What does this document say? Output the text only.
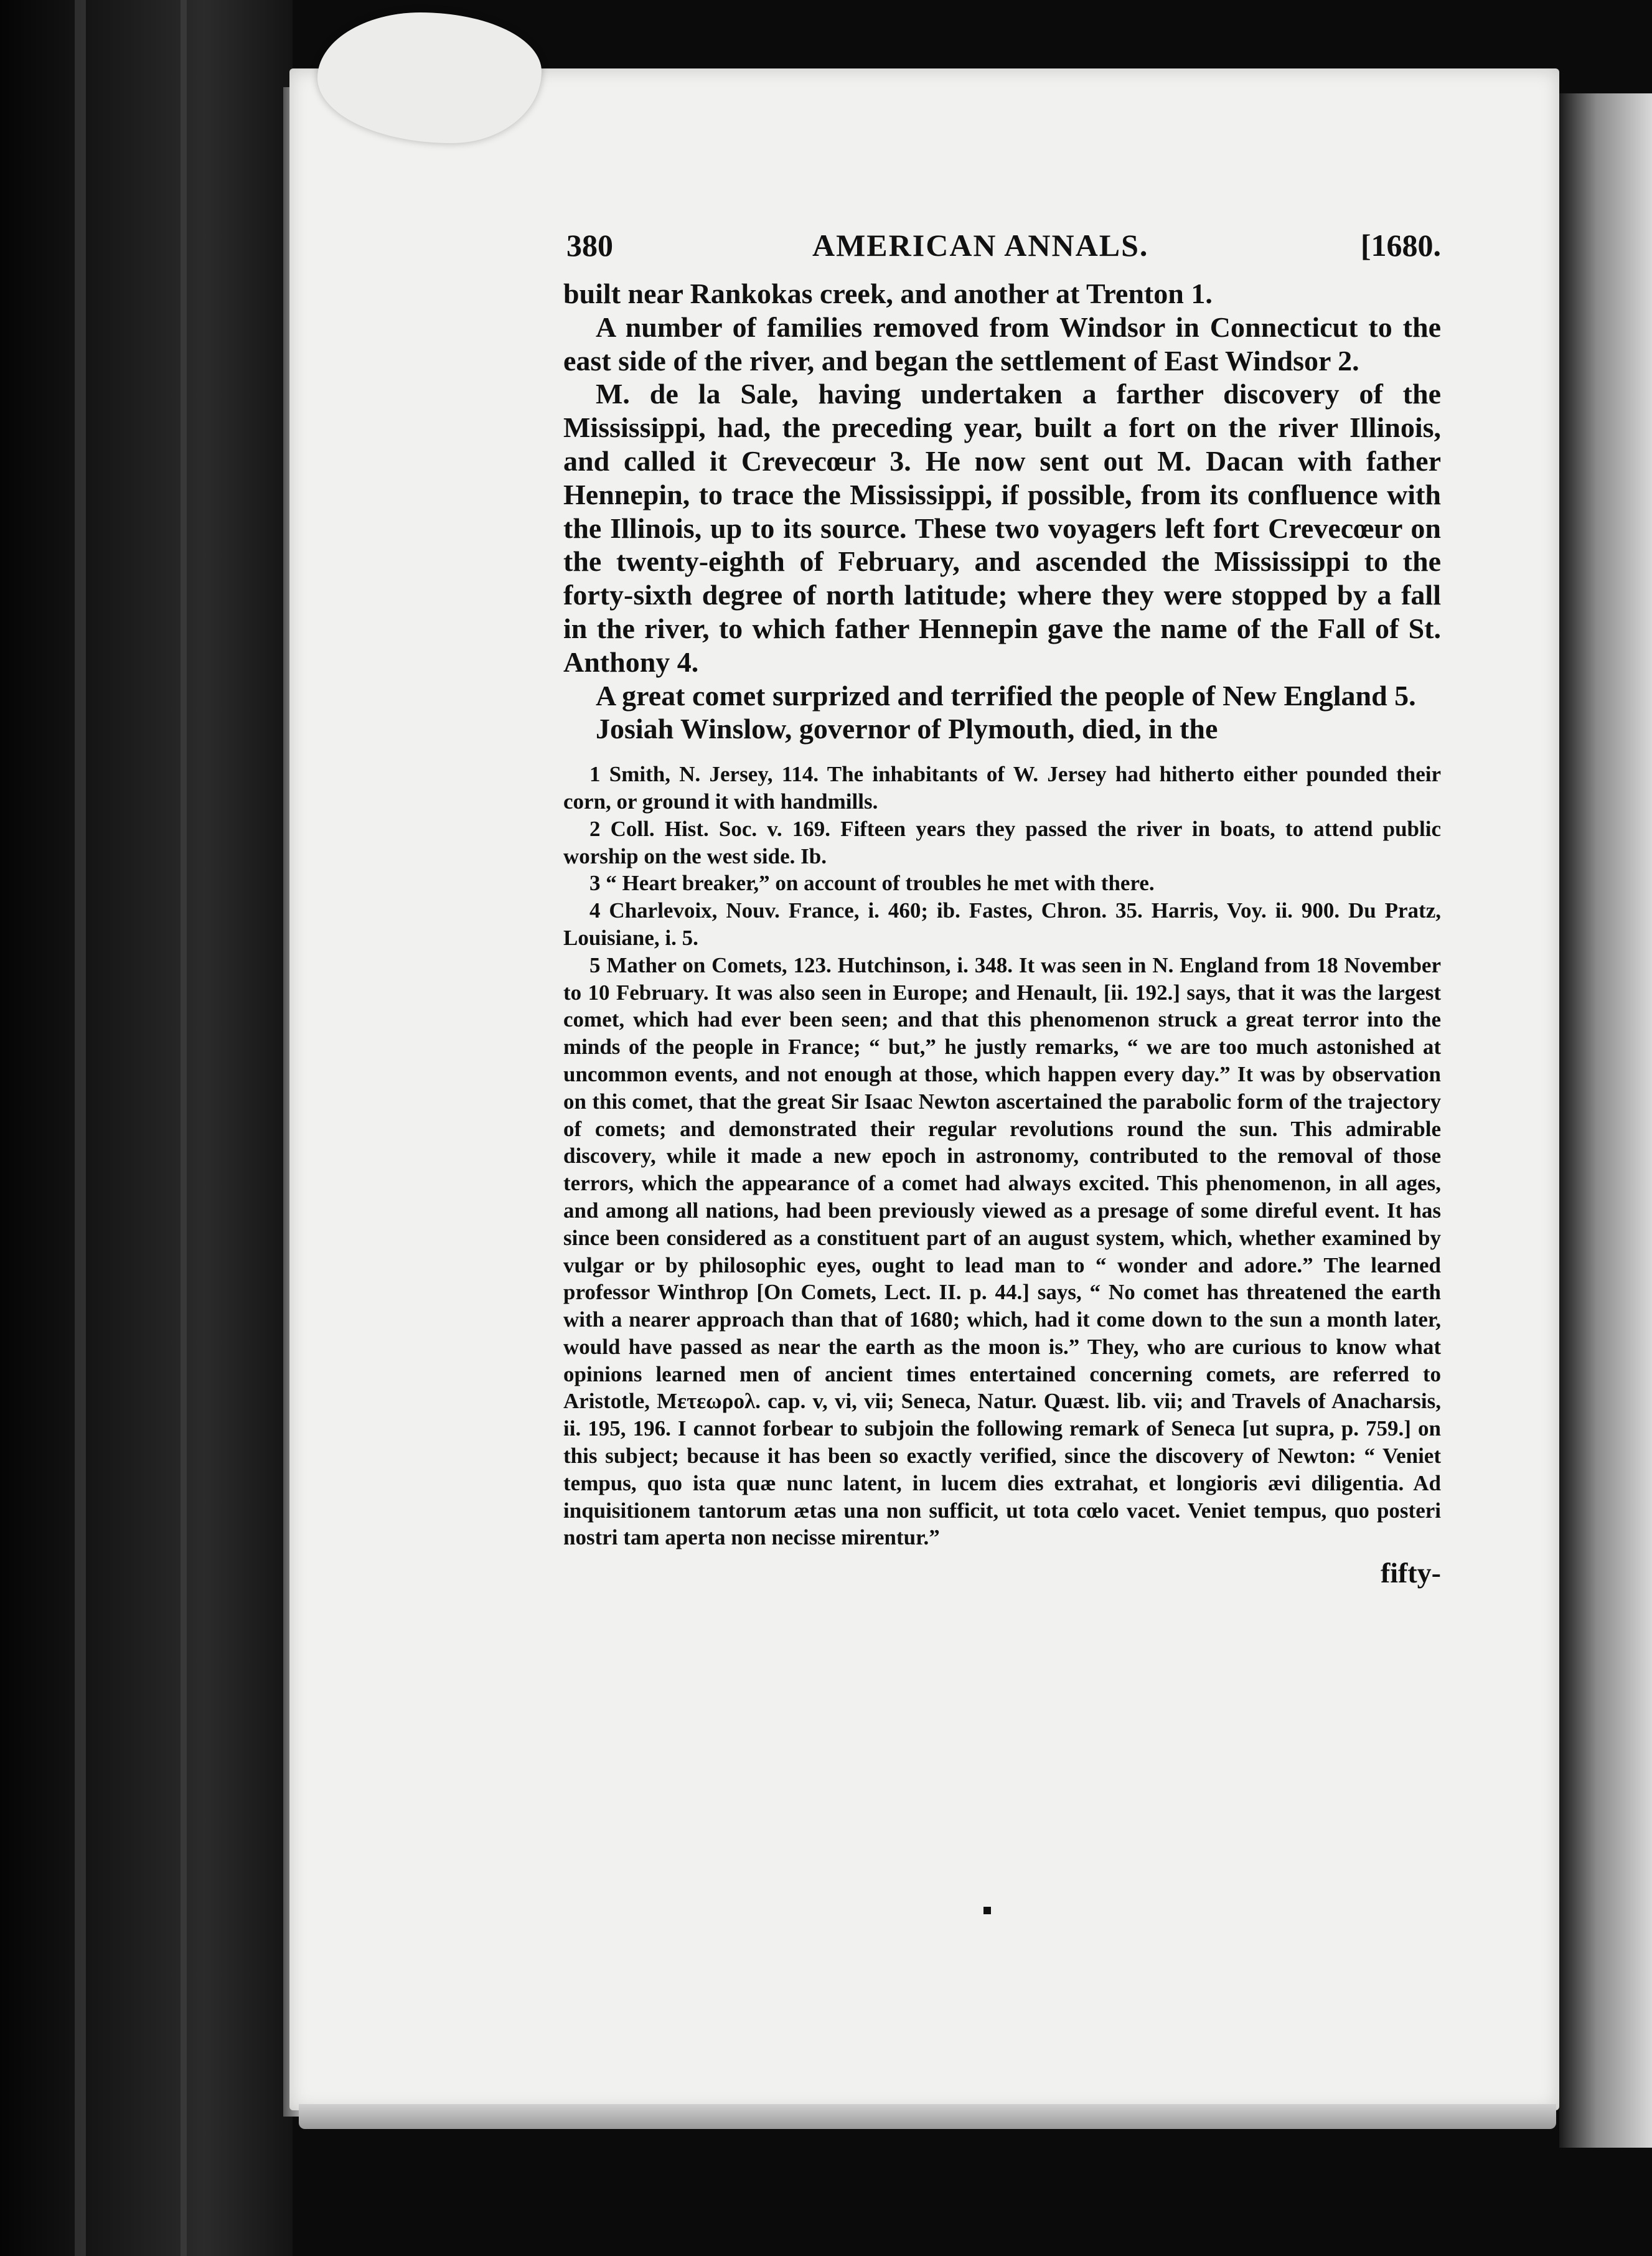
380	AMERICAN ANNALS.	[1680.

built near Rankokas creek, and another at Trenton 1.

A number of families removed from Windsor in Connecticut to the east side of the river, and began the settlement of East Windsor 2.

M. de la Sale, having undertaken a farther discovery of the Mississippi, had, the preceding year, built a fort on the river Illinois, and called it Crevecœur 3. He now sent out M. Dacan with father Hennepin, to trace the Mississippi, if possible, from its confluence with the Illinois, up to its source. These two voyagers left fort Crevecœur on the twenty-eighth of February, and ascended the Mississippi to the forty-sixth degree of north latitude; where they were stopped by a fall in the river, to which father Hennepin gave the name of the Fall of St. Anthony 4.

A great comet surprized and terrified the people of New England 5.

Josiah Winslow, governor of Plymouth, died, in the

1 Smith, N. Jersey, 114. The inhabitants of W. Jersey had hitherto either pounded their corn, or ground it with handmills.

2 Coll. Hist. Soc. v. 169. Fifteen years they passed the river in boats, to attend public worship on the west side. Ib.

3 “ Heart breaker,” on account of troubles he met with there.

4 Charlevoix, Nouv. France, i. 460; ib. Fastes, Chron. 35. Harris, Voy. ii. 900. Du Pratz, Louisiane, i. 5.

5 Mather on Comets, 123. Hutchinson, i. 348. It was seen in N. England from 18 November to 10 February. It was also seen in Europe; and Henault, [ii. 192.] says, that it was the largest comet, which had ever been seen; and that this phenomenon struck a great terror into the minds of the people in France; “ but,” he justly remarks, “ we are too much astonished at uncommon events, and not enough at those, which happen every day.” It was by observation on this comet, that the great Sir Isaac Newton ascertained the parabolic form of the trajectory of comets; and demonstrated their regular revolutions round the sun. This admirable discovery, while it made a new epoch in astronomy, contributed to the removal of those terrors, which the appearance of a comet had always excited. This phenomenon, in all ages, and among all nations, had been previously viewed as a presage of some direful event. It has since been considered as a constituent part of an august system, which, whether examined by vulgar or by philosophic eyes, ought to lead man to “ wonder and adore.” The learned professor Winthrop [On Comets, Lect. II. p. 44.] says, “ No comet has threatened the earth with a nearer approach than that of 1680; which, had it come down to the sun a month later, would have passed as near the earth as the moon is.” They, who are curious to know what opinions learned men of ancient times entertained concerning comets, are referred to Aristotle, Μετεωρολ. cap. v, vi, vii; Seneca, Natur. Quæst. lib. vii; and Travels of Anacharsis, ii. 195, 196. I cannot forbear to subjoin the following remark of Seneca [ut supra, p. 759.] on this subject; because it has been so exactly verified, since the discovery of Newton: “ Veniet tempus, quo ista quæ nunc latent, in lucem dies extrahat, et longioris ævi diligentia. Ad inquisitionem tantorum ætas una non sufficit, ut tota cœlo vacet. Veniet tempus, quo posteri nostri tam aperta non necisse mirentur.”

fifty-
